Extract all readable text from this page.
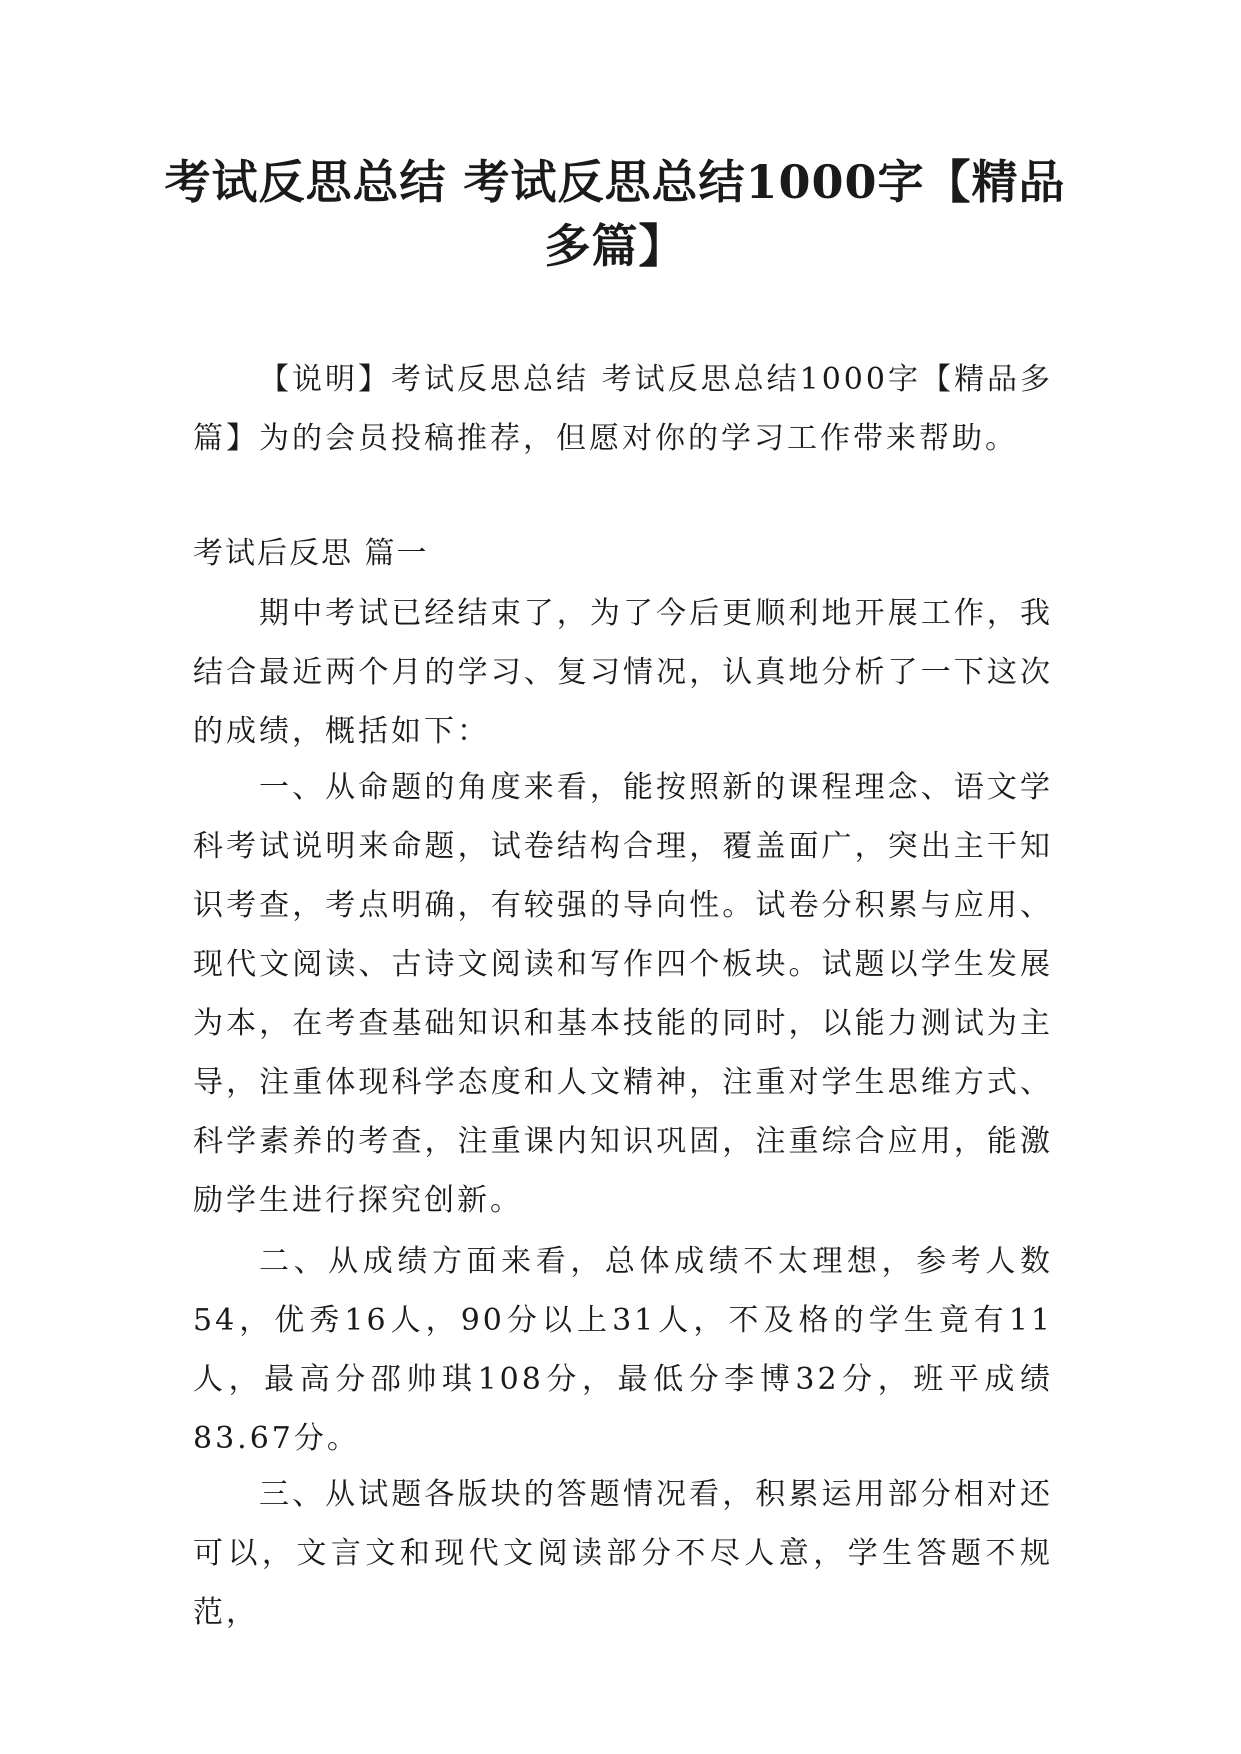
考试反思总结 考试反思总结1000字【精品多篇】

【说明】考试反思总结 考试反思总结1000字【精品多篇】为的会员投稿推荐，但愿对你的学习工作带来帮助。

考试后反思 篇一

期中考试已经结束了，为了今后更顺利地开展工作，我结合最近两个月的学习、复习情况，认真地分析了一下这次的成绩，概括如下：

一、从命题的角度来看，能按照新的课程理念、语文学科考试说明来命题，试卷结构合理，覆盖面广，突出主干知识考查，考点明确，有较强的导向性。试卷分积累与应用、现代文阅读、古诗文阅读和写作四个板块。试题以学生发展为本，在考查基础知识和基本技能的同时，以能力测试为主导，注重体现科学态度和人文精神，注重对学生思维方式、科学素养的考查，注重课内知识巩固，注重综合应用，能激励学生进行探究创新。

二、从成绩方面来看，总体成绩不太理想，参考人数54，优秀16人，90分以上31人，不及格的学生竟有11人，最高分邵帅琪108分，最低分李博32分，班平成绩83.67分。

三、从试题各版块的答题情况看，积累运用部分相对还可以，文言文和现代文阅读部分不尽人意，学生答题不规范，
